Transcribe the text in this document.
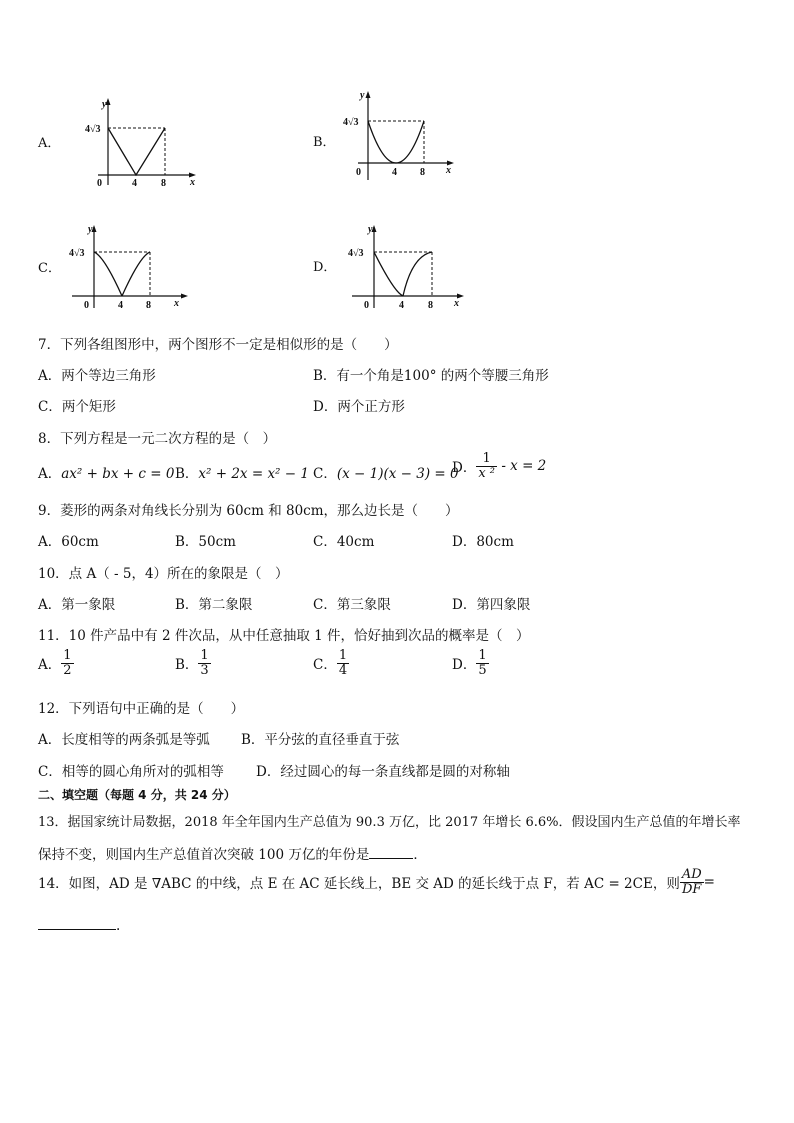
A．	B．
C．	D．
y
x
0	4 8
4√3
y
x
0	4 8
4√3
y
x
0	4 8
4√3
y
x
0	4 8
4√3
7．下列各组图形中，两个图形不一定是相似形的是（　　）
A．两个等边三角形	B．有一个角是100° 的两个等腰三角形
C．两个矩形	D．两个正方形
8．下列方程是一元二次方程的是（　）
A．ax² + bx + c = 0 B．x² + 2x = x² − 1 C．(x − 1)(x − 3) = 0
D． $\frac{1}{\text{x ²}} - x = 2$
9．菱形的两条对角线长分别为 60cm 和 80cm，那么边长是（　　）
A．60cm	B．50cm	C．40cm	D．80cm
10．点 A（ - 5，4）所在的象限是（　）
A．第一象限	B．第二象限	C．第三象限	D．第四象限
11．10 件产品中有 2 件次品，从中任意抽取 1 件，恰好抽到次品的概率是（　）
A． $\frac{1}{2}$	B． $\frac{1}{3}$	C． $\frac{1}{4}$	D． $\frac{1}{5}$
12．下列语句中正确的是（　　）
A．长度相等的两条弧是等弧 B．平分弦的直径垂直于弦
C．相等的圆心角所对的弧相等 D．经过圆心的每一条直线都是圆的对称轴
二、填空题（每题 4 分，共 24 分）
13．据国家统计局数据，2018 年全年国内生产总值为 90.3 万亿，比 2017 年增长 6.6%．假设国内生产总值的年增长率
保持不变，则国内生产总值首次突破 100 万亿的年份是	．
14．如图，AD 是 ∇ABC 的中线，点 E 在 AC 延长线上，BE 交 AD 的延长线于点 F，若 AC = 2CE，则 $\frac{AD}{DF}$ =
.
